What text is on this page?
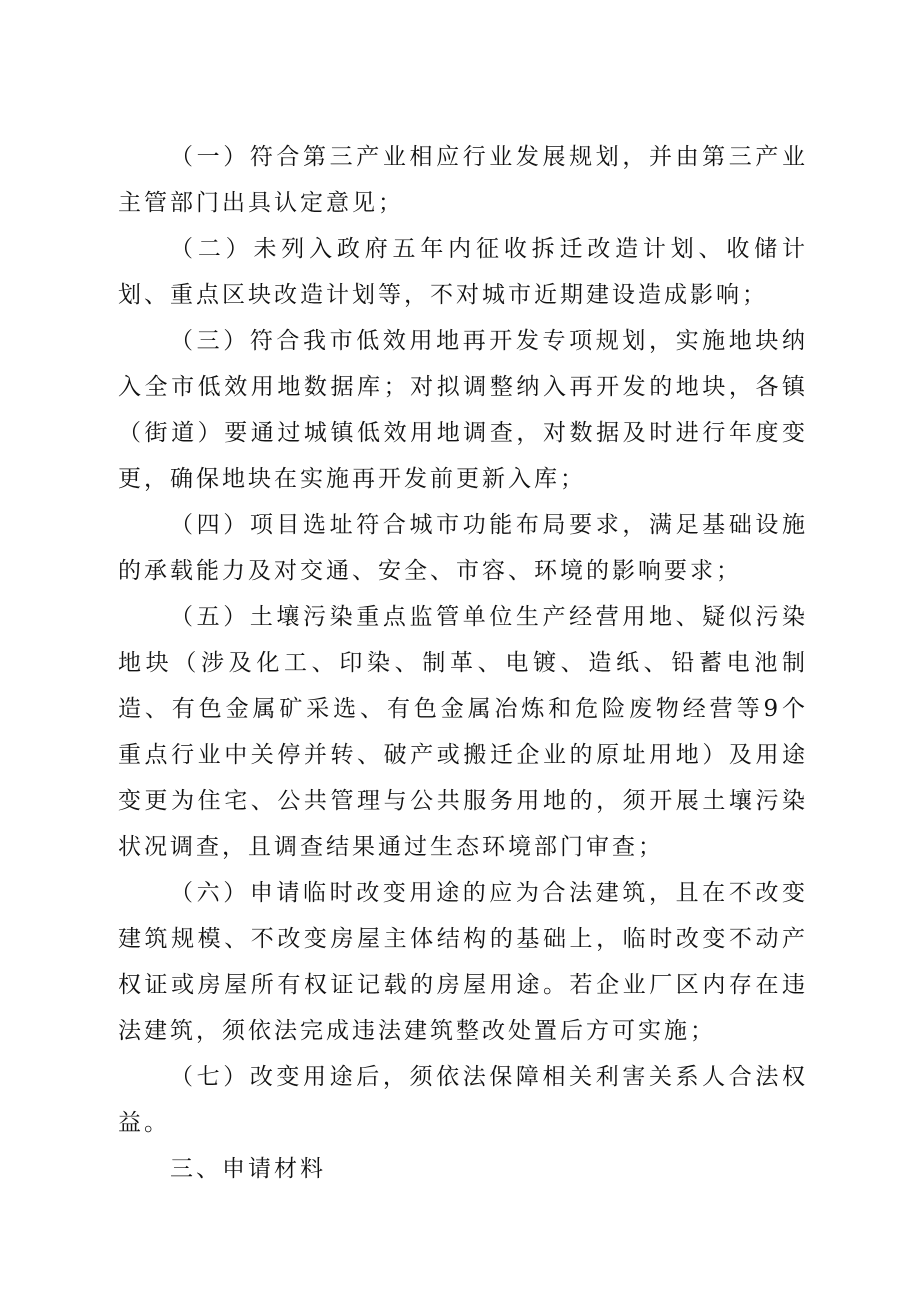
（一）符合第三产业相应行业发展规划，并由第三产业主管部门出具认定意见；

（二）未列入政府五年内征收拆迁改造计划、收储计划、重点区块改造计划等，不对城市近期建设造成影响；

（三）符合我市低效用地再开发专项规划，实施地块纳入全市低效用地数据库；对拟调整纳入再开发的地块，各镇（街道）要通过城镇低效用地调查，对数据及时进行年度变更，确保地块在实施再开发前更新入库；

（四）项目选址符合城市功能布局要求，满足基础设施的承载能力及对交通、安全、市容、环境的影响要求；

（五）土壤污染重点监管单位生产经营用地、疑似污染地块（涉及化工、印染、制革、电镀、造纸、铅蓄电池制造、有色金属矿采选、有色金属冶炼和危险废物经营等9个重点行业中关停并转、破产或搬迁企业的原址用地）及用途变更为住宅、公共管理与公共服务用地的，须开展土壤污染状况调查，且调查结果通过生态环境部门审查；

（六）申请临时改变用途的应为合法建筑，且在不改变建筑规模、不改变房屋主体结构的基础上，临时改变不动产权证或房屋所有权证记载的房屋用途。若企业厂区内存在违法建筑，须依法完成违法建筑整改处置后方可实施；

（七）改变用途后，须依法保障相关利害关系人合法权益。

三、申请材料
